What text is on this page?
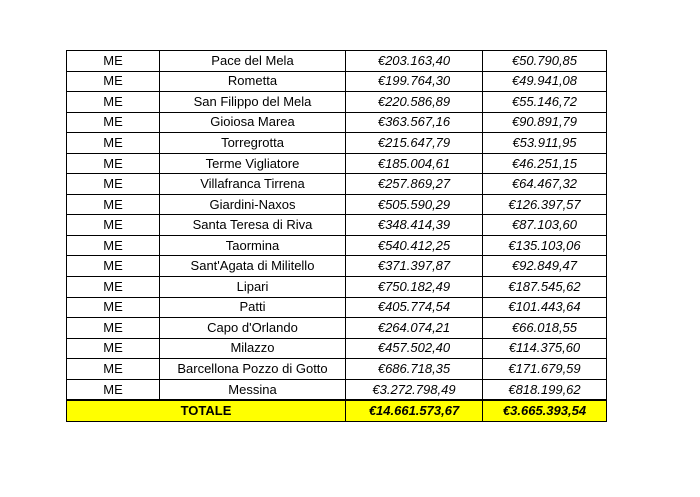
ME	Pace del Mela	€203.163,40	€50.790,85
ME	Rometta	€199.764,30	€49.941,08
ME	San Filippo del Mela	€220.586,89	€55.146,72
ME	Gioiosa Marea	€363.567,16	€90.891,79
ME	Torregrotta	€215.647,79	€53.911,95
ME	Terme Vigliatore	€185.004,61	€46.251,15
ME	Villafranca Tirrena	€257.869,27	€64.467,32
ME	Giardini-Naxos	€505.590,29	€126.397,57
ME	Santa Teresa di Riva	€348.414,39	€87.103,60
ME	Taormina	€540.412,25	€135.103,06
ME	Sant'Agata di Militello	€371.397,87	€92.849,47
ME	Lipari	€750.182,49	€187.545,62
ME	Patti	€405.774,54	€101.443,64
ME	Capo d'Orlando	€264.074,21	€66.018,55
ME	Milazzo	€457.502,40	€114.375,60
ME	Barcellona Pozzo di Gotto	€686.718,35	€171.679,59
ME	Messina	€3.272.798,49	€818.199,62
TOTALE		€14.661.573,67	€3.665.393,54
